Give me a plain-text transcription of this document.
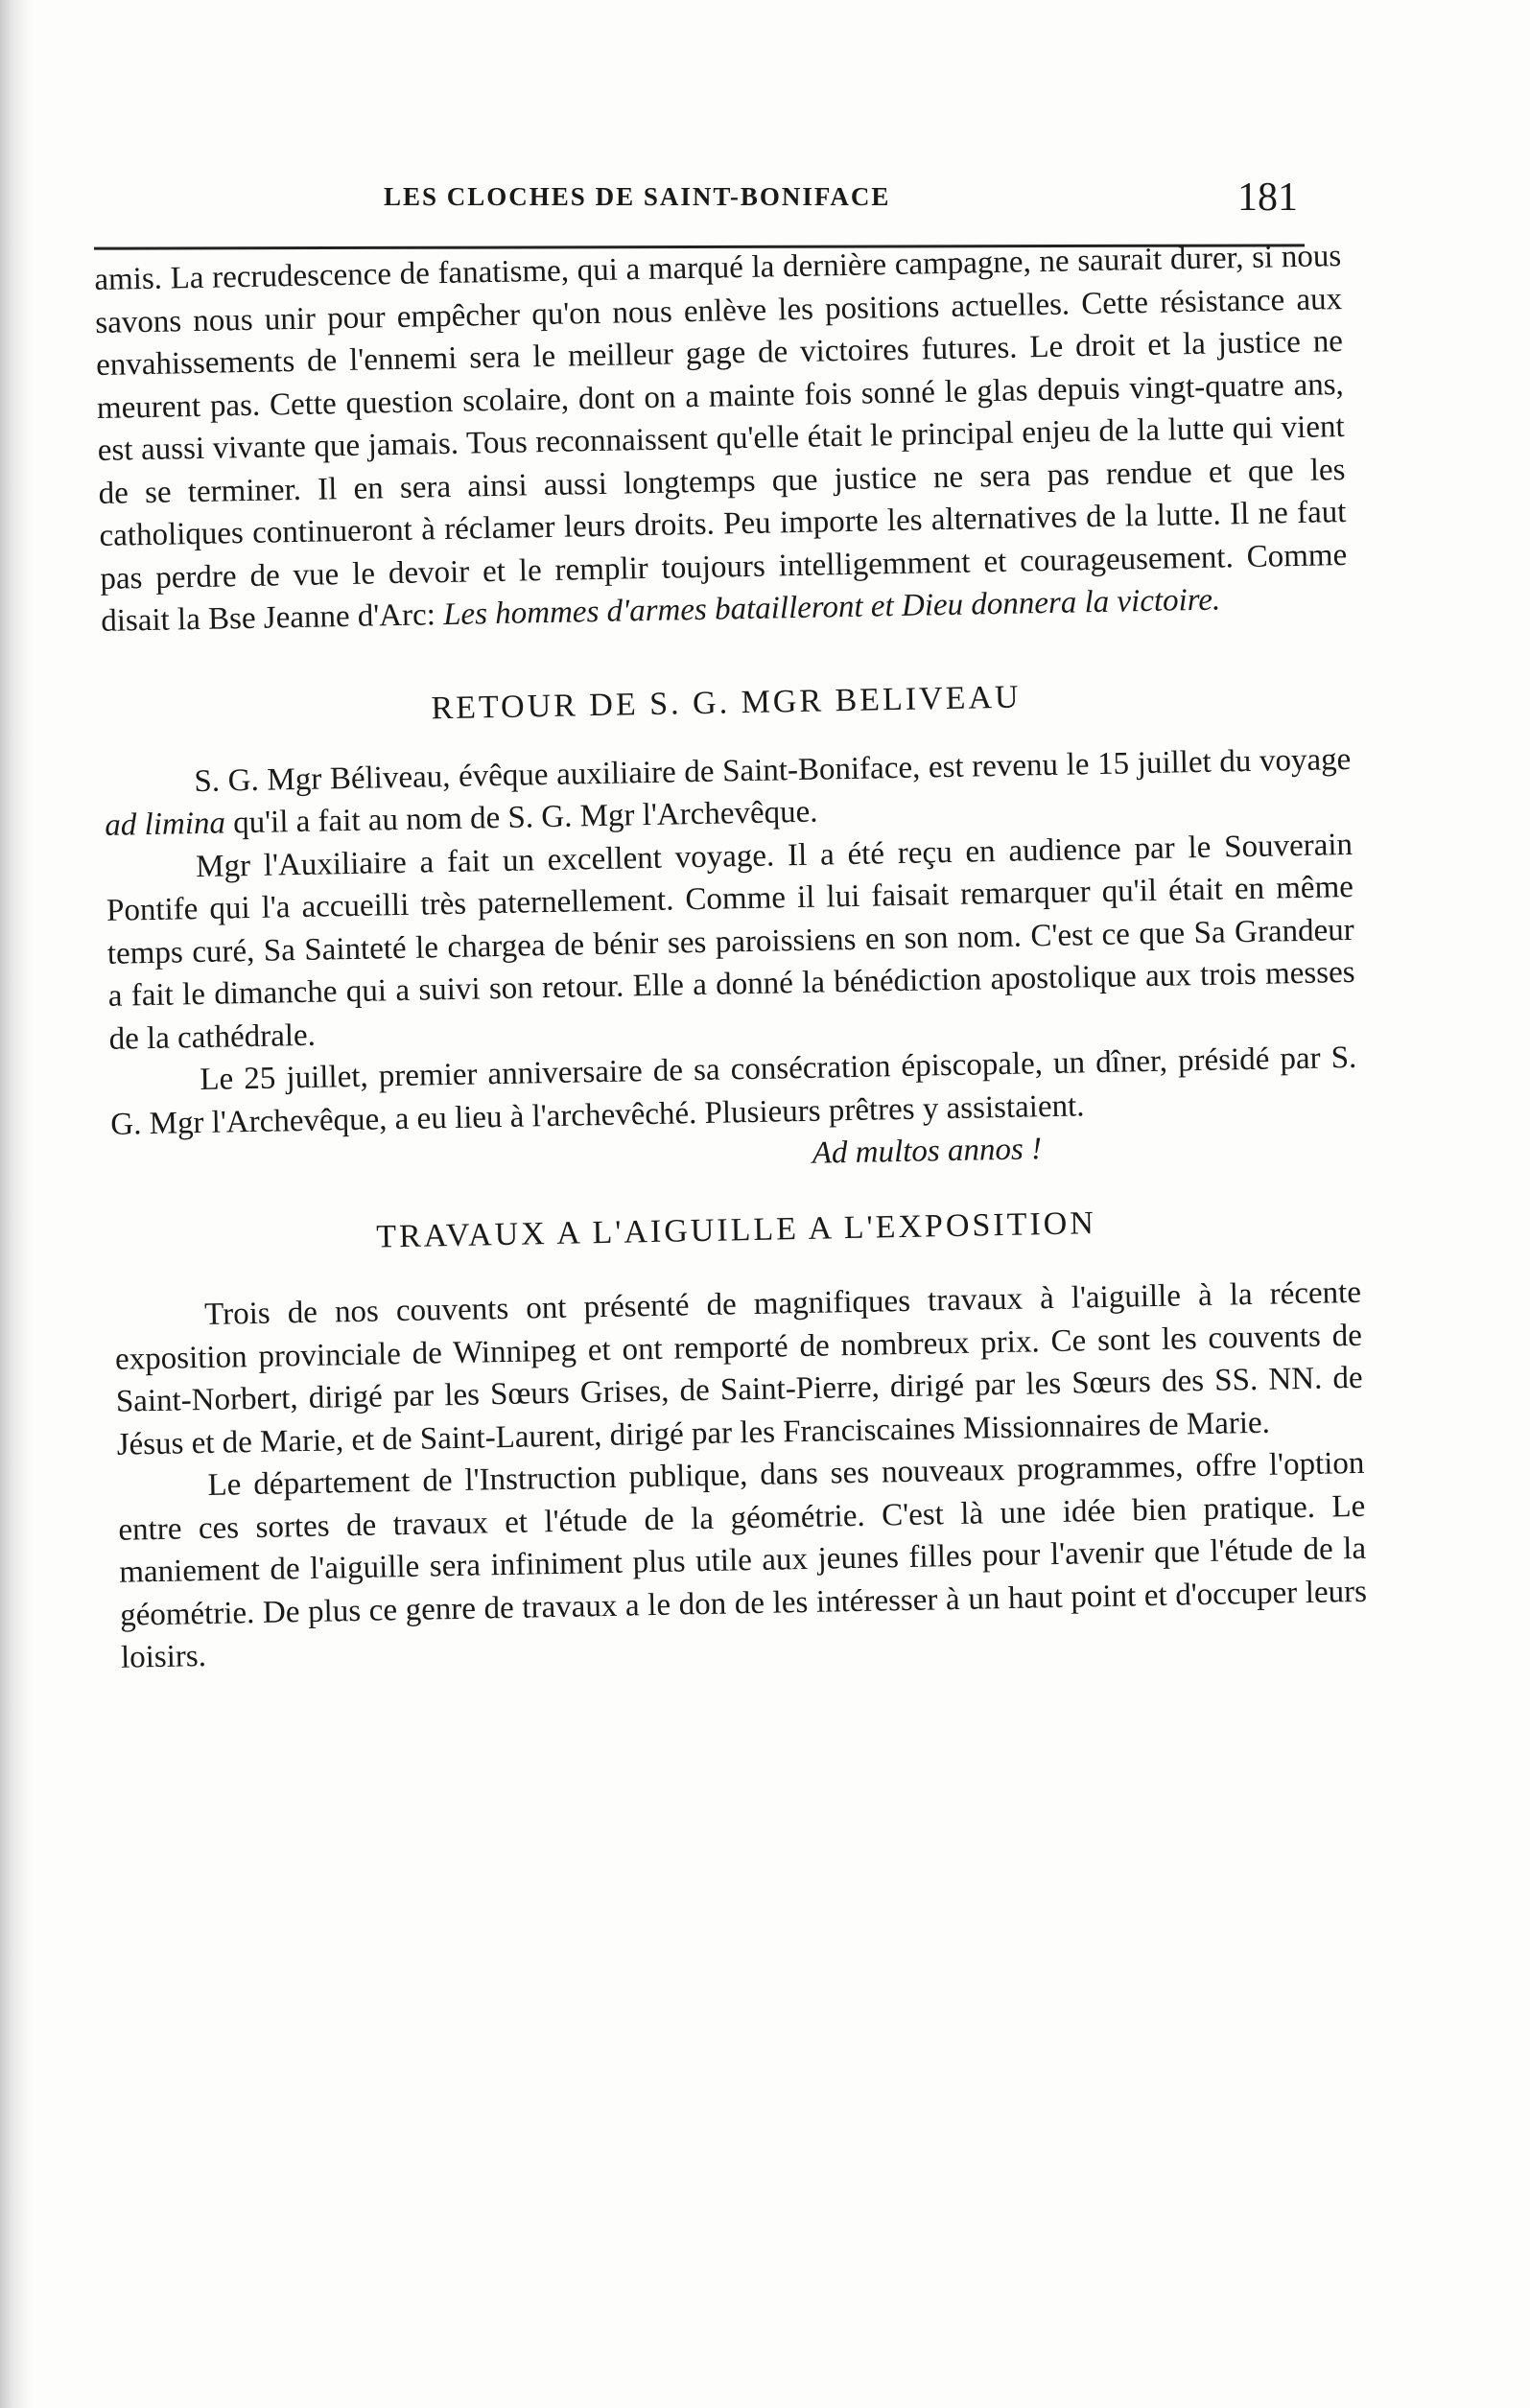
LES CLOCHES DE SAINT-BONIFACE	181

amis. La recrudescence de fanatisme, qui a marqué la dernière campagne, ne saurait durer, si nous savons nous unir pour empêcher qu'on nous enlève les positions actuelles. Cette résistance aux envahissements de l'ennemi sera le meilleur gage de victoires futures. Le droit et la justice ne meurent pas. Cette question scolaire, dont on a mainte fois sonné le glas depuis vingt-quatre ans, est aussi vivante que jamais. Tous reconnaissent qu'elle était le principal enjeu de la lutte qui vient de se terminer. Il en sera ainsi aussi longtemps que justice ne sera pas rendue et que les catholiques continueront à réclamer leurs droits. Peu importe les alternatives de la lutte. Il ne faut pas perdre de vue le devoir et le remplir toujours intelligemment et courageusement. Comme disait la Bse Jeanne d'Arc: Les hommes d'armes batailleront et Dieu donnera la victoire.

RETOUR DE S. G. MGR BELIVEAU

S. G. Mgr Béliveau, évêque auxiliaire de Saint-Boniface, est revenu le 15 juillet du voyage ad limina qu'il a fait au nom de S. G. Mgr l'Archevêque.

Mgr l'Auxiliaire a fait un excellent voyage. Il a été reçu en audience par le Souverain Pontife qui l'a accueilli très paternellement. Comme il lui faisait remarquer qu'il était en même temps curé, Sa Sainteté le chargea de bénir ses paroissiens en son nom. C'est ce que Sa Grandeur a fait le dimanche qui a suivi son retour. Elle a donné la bénédiction apostolique aux trois messes de la cathédrale.

Le 25 juillet, premier anniversaire de sa consécration épiscopale, un dîner, présidé par S. G. Mgr l'Archevêque, a eu lieu à l'archevêché. Plusieurs prêtres y assistaient.

Ad multos annos !
TRAVAUX A L'AIGUILLE A L'EXPOSITION

Trois de nos couvents ont présenté de magnifiques travaux à l'aiguille à la récente exposition provinciale de Winnipeg et ont remporté de nombreux prix. Ce sont les couvents de Saint-Norbert, dirigé par les Sœurs Grises, de Saint-Pierre, dirigé par les Sœurs des SS. NN. de Jésus et de Marie, et de Saint-Laurent, dirigé par les Franciscaines Missionnaires de Marie.

Le département de l'Instruction publique, dans ses nouveaux programmes, offre l'option entre ces sortes de travaux et l'étude de la géométrie. C'est là une idée bien pratique. Le maniement de l'aiguille sera infiniment plus utile aux jeunes filles pour l'avenir que l'étude de la géométrie. De plus ce genre de travaux a le don de les intéresser à un haut point et d'occuper leurs loisirs.
